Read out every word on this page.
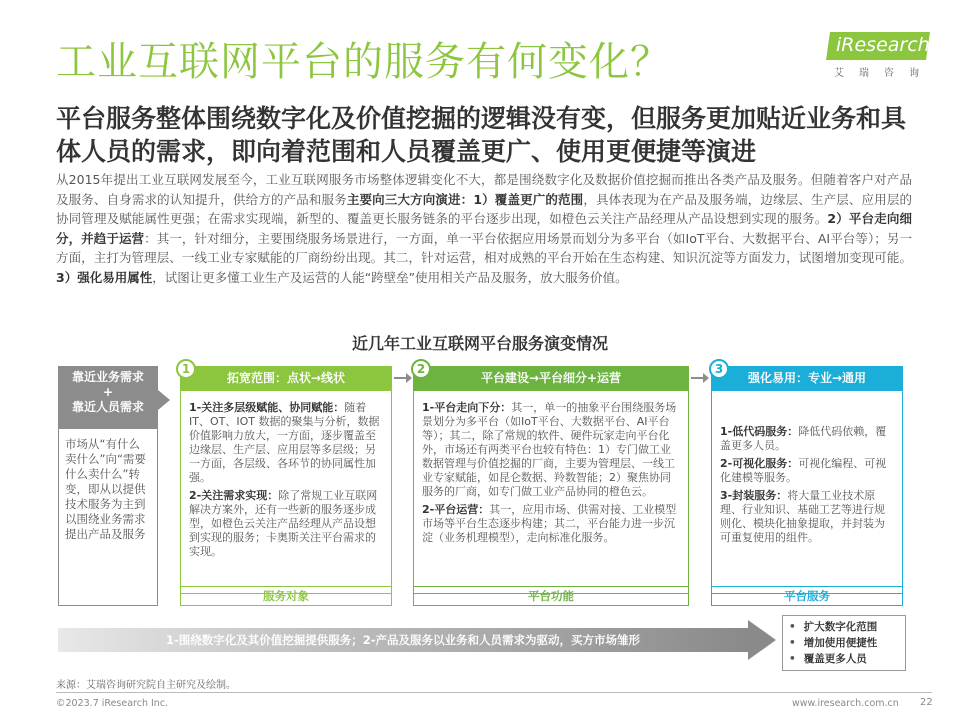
工业互联网平台的服务有何变化？	iResearch
艾瑞咨询
平台服务整体围绕数字化及价值挖掘的逻辑没有变，但服务更加贴近业务和具体人员的需求，即向着范围和人员覆盖更广、使用更便捷等演进
从2015年提出工业互联网发展至今，工业互联网服务市场整体逻辑变化不大，都是围绕数字化及数据价值挖掘而推出各类产品及服务。但随着客户对产品及服务、自身需求的认知提升，供给方的产品和服务主要向三大方向演进：1）覆盖更广的范围，具体表现为在产品及服务端，边缘层、生产层、应用层的协同管理及赋能属性更强；在需求实现端，新型的、覆盖更长服务链条的平台逐步出现，如橙色云关注产品经理从产品设想到实现的服务。2）平台走向细分，并趋于运营：其一，针对细分，主要围绕服务场景进行，一方面，单一平台依据应用场景而划分为多平台（如IoT平台、大数据平台、AI平台等）；另一方面，主打为管理层、一线工业专家赋能的厂商纷纷出现。其二，针对运营，相对成熟的平台开始在生态构建、知识沉淀等方面发力，试图增加变现可能。3）强化易用属性，试图让更多懂工业生产及运营的人能“跨壁垒”使用相关产品及服务，放大服务价值。
近几年工业互联网平台服务演变情况
靠近业务需求
+
靠近人员需求
市场从“有什么卖什么”向“需要什么卖什么”转变，即从以提供技术服务为主到以围绕业务需求提出产品及服务
拓宽范围：点状→线状

1-关注多层级赋能、协同赋能：随着IT、OT、IOT 数据的聚集与分析，数据价值影响力放大，一方面，逐步覆盖至边缘层、生产层、应用层等多层级；另一方面，各层级、各环节的协同属性加强。

2-关注需求实现：除了常规工业互联网解决方案外，还有一些新的服务逐步成型，如橙色云关注产品经理从产品设想到实现的服务；卡奥斯关注平台需求的实现。

1
服务对象
平台建设→平台细分+运营

1-平台走向下分：其一，单一的抽象平台围绕服务场景划分为多平台（如IoT平台、大数据平台、AI平台等）；其二，除了常规的软件、硬件玩家走向平台化外，市场还有两类平台也较有特色：1）专门做工业数据管理与价值挖掘的厂商，主要为管理层、一线工业专家赋能，如昆仑数据、羚数智能；2）聚焦协同服务的厂商，如专门做工业产品协同的橙色云。

2-平台运营：其一，应用市场、供需对接、工业模型市场等平台生态逐步构建；其二，平台能力进一步沉淀（业务机理模型），走向标准化服务。

2
平台功能
强化易用：专业→通用

1-低代码服务：降低代码依赖，覆盖更多人员。

2-可视化服务：可视化编程、可视化建模等服务。

3-封装服务：将大量工业技术原理、行业知识、基础工艺等进行规则化、模块化抽象提取，并封装为可重复使用的组件。

3
平台服务
1-围绕数字化及其价值挖掘提供服务；2-产品及服务以业务和人员需求为驱动，买方市场雏形
• 扩大数字化范围
• 增加使用便捷性
• 覆盖更多人员
来源：艾瑞咨询研究院自主研究及绘制。
©2023.7 iResearch Inc.	www.iresearch.com.cn 22
